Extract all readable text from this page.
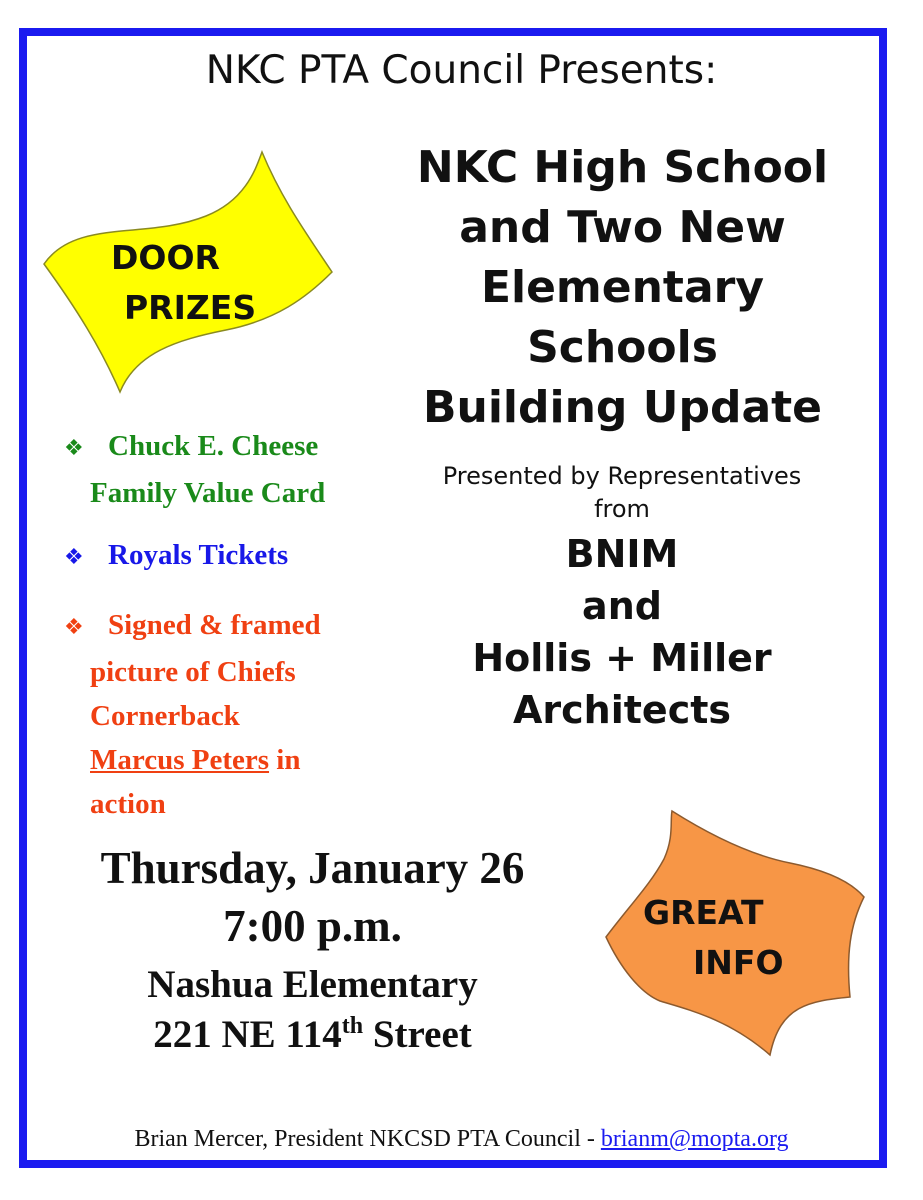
NKC PTA Council Presents:
DOOR
PRIZES
NKC High School
and Two New
Elementary
Schools
Building Update
Presented by Representatives
from
BNIM
and
Hollis + Miller
Architects
❖ Chuck E. Cheese
Family Value Card
❖ Royals Tickets
❖ Signed & framed
picture of Chiefs
Cornerback
Marcus Peters in
action
Thursday, January 26
7:00 p.m.
Nashua Elementary
221 NE 114th Street
GREAT
INFO
Brian Mercer, President NKCSD PTA Council - brianm@mopta.org
